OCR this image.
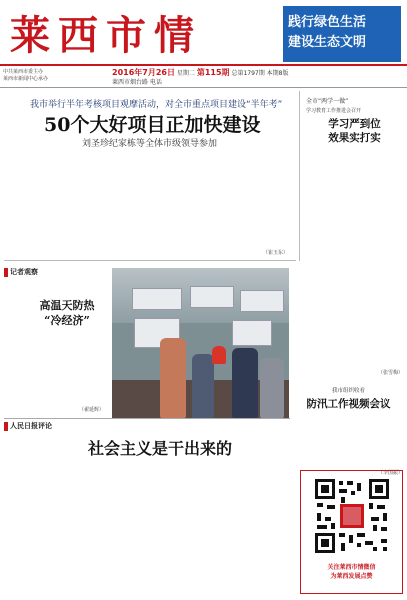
莱西市情	践行绿色生活
建设生态文明
中共莱西市委主办
莱西市新闻中心承办
2016年7月26日 星期二 第115期 总第1797期 本期8版
莱西市烟台路 电话
我市举行半年考核项目观摩活动，对全市重点项目建设“半年考”
50个大好项目正加快建设
刘圣珍纪家栋等全体市级领导参加
（崔玉东）
全市“两学一做”
学习教育工作推进会召开
学习严到位
效果实打实
记者观察
高温天防热
“冷经济”
（翟延辉）
（张雪梅）
我市组织收看
防汛工作视频会议
（李国振）
人民日报评论
社会主义是干出来的
关注莱西市情微信
为莱西发展点赞
